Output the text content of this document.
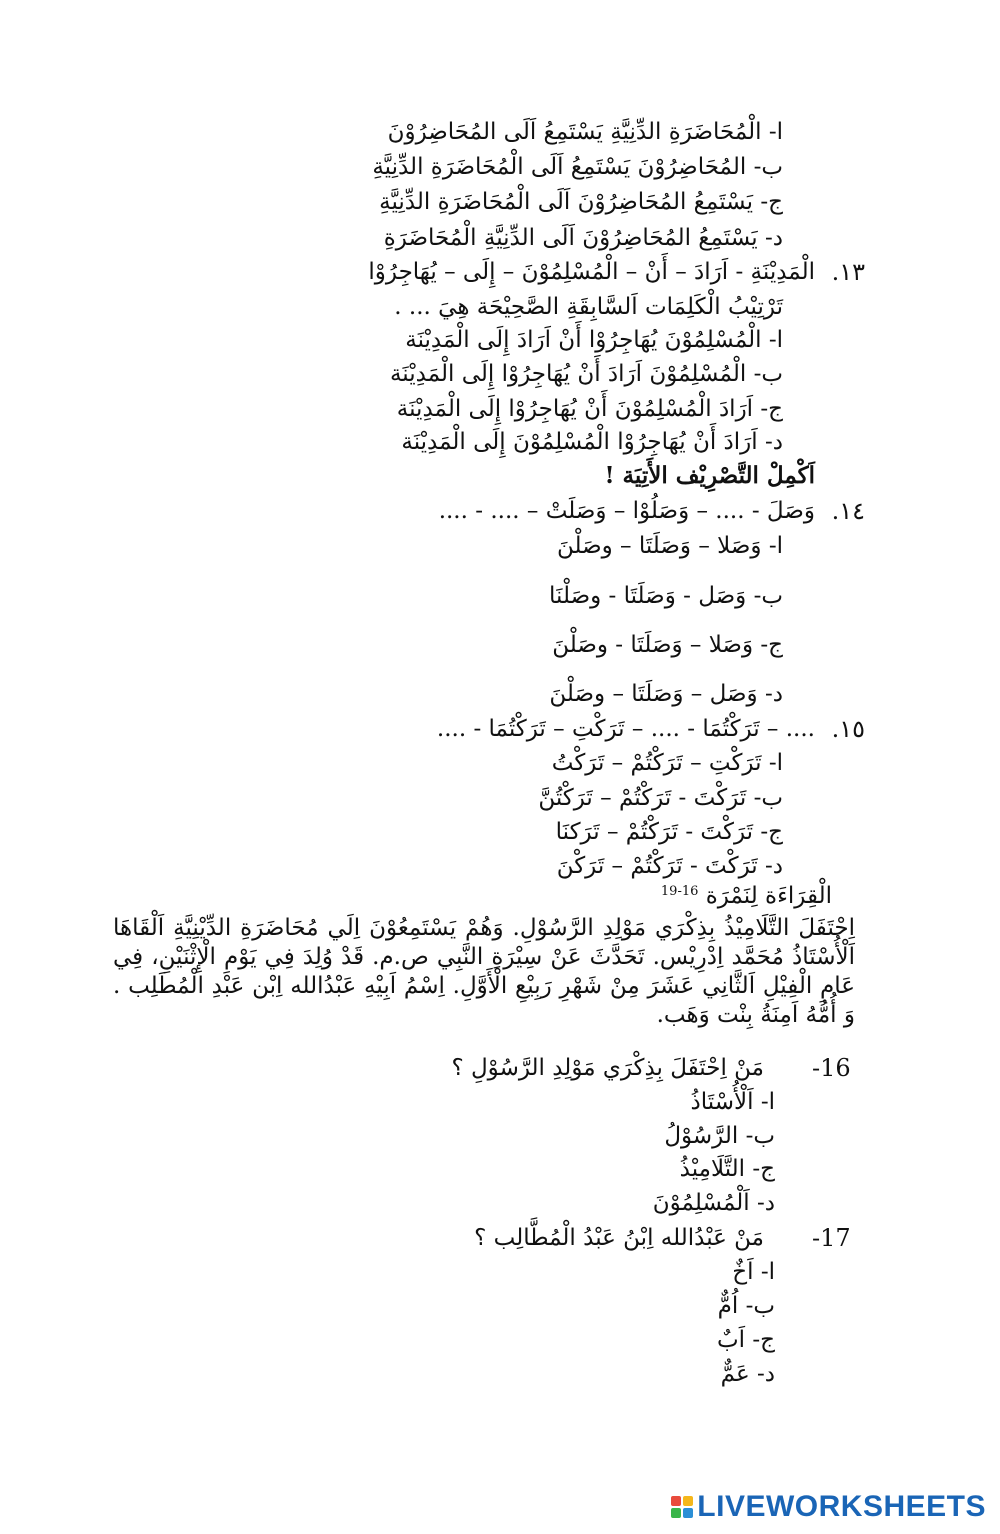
ا- الْمُحَاضَرَةِ الدِّنِيَّةِ يَسْتَمِعُ اَلَى المُحَاضِرُوْنَ
ب- المُحَاضِرُوْنَ يَسْتَمِعُ اَلَى الْمُحَاضَرَةِ الدِّنِيَّةِ
ج- يَسْتَمِعُ المُحَاضِرُوْنَ اَلَى الْمُحَاضَرَةِ الدِّنِيَّةِ
د- يَسْتَمِعُ المُحَاضِرُوْنَ اَلَى الدِّنِيَّةِ الْمُحَاضَرَةِ
١٣.
الْمَدِيْنَةِ - اَرَادَ – أَنْ – الْمُسْلِمُوْنَ – إِلَى – يُهَاجِرُوْا
تَرْتِيْبُ الْكَلِمَات اَلسَّابِقَةِ الصَّحِيْحَة هِيَ ... .
ا- الْمُسْلِمُوْنَ يُهَاجِرُوْا أَنْ اَرَادَ إِلَى الْمَدِيْنَة
ب- الْمُسْلِمُوْنَ اَرَادَ أَنْ يُهَاجِرُوْا إِلَى الْمَدِيْنَة
ج- اَرَادَ الْمُسْلِمُوْنَ أَنْ يُهَاجِرُوْا إِلَى الْمَدِيْنَة
د- اَرَادَ أَنْ يُهَاجِرُوْا الْمُسْلِمُوْنَ إِلَى الْمَدِيْنَة
اَكْمِلْ التَّصْرِيْف الأَتِيَة !
١٤.
وَصَلَ - .... – وَصَلُوْا – وَصَلَتْ – .... - ....
ا- وَصَلا – وَصَلَتَا – وصَلْنَ
ب- وَصَل - وَصَلَتَا - وصَلْنَا
ج- وَصَلا – وَصَلَتَا - وصَلْنَ
د- وَصَل – وَصَلَتَا – وصَلْنَ
١٥.
.... – تَرَكْتُمَا - .... – تَرَكْتِ – تَرَكْتُمَا - ....
ا- تَرَكْتِ – تَرَكْتُمْ – تَرَكْتُ
ب- تَرَكْتَ - تَرَكْتُمْ – تَرَكْتُنَّ
ج- تَرَكْتَ - تَرَكْتُمْ – تَرَكنَا
د- تَرَكْتَ - تَرَكْتُمْ – تَرَكْنَ
الْقِرَاءَة لِنَمْرَة $^{16-19}$
اِحْتَفَلَ التَّلَامِيْذُ بِذِكْرَي مَوْلِدِ الرَّسُوْلِ. وَهُمْ يَسْتَمِعُوْنَ اِلَي مُحَاضَرَةِ الدِّيْنِيَّةِ اَلْقَاهَا اَلْأُسْتَاذُ مُحَمَّد اِدْرِيْس. تَحَدَّثَ عَنْ سِيْرَةِ النَّبِي ص.م. قَدْ وُلِدَ فِي يَوْمِ الْإِثْنَيْنِ، فِي عَامِ الْفِيْلِ اَلثَّانِي عَشَرَ مِنْ شَهْرِ رَبِيْعِ الْأَوَّلِ. اِسْمُ اَبِيْهِ عَبْدُالله اِبْن عَبْدِ الْمُطَلِب . وَ أُمُّهُ اَمِنَةُ بِنْت وَهَب.
-16
مَنْ اِحْتَفَلَ بِذِكْرَي مَوْلِدِ الرَّسُوْلِ ؟
ا- اَلْأُسْتَاذُ
ب- الرَّسُوْلُ
ج- التَّلَامِيْذُ
د- اَلْمُسْلِمُوْنَ
-17
مَنْ عَبْدُالله اِبْنُ عَبْدُ الْمُطَّالِب ؟
ا- اَخٌ
ب- اُمٌّ
ج- اَبٌ
د- عَمٌّ
LIVEWORKSHEETS
